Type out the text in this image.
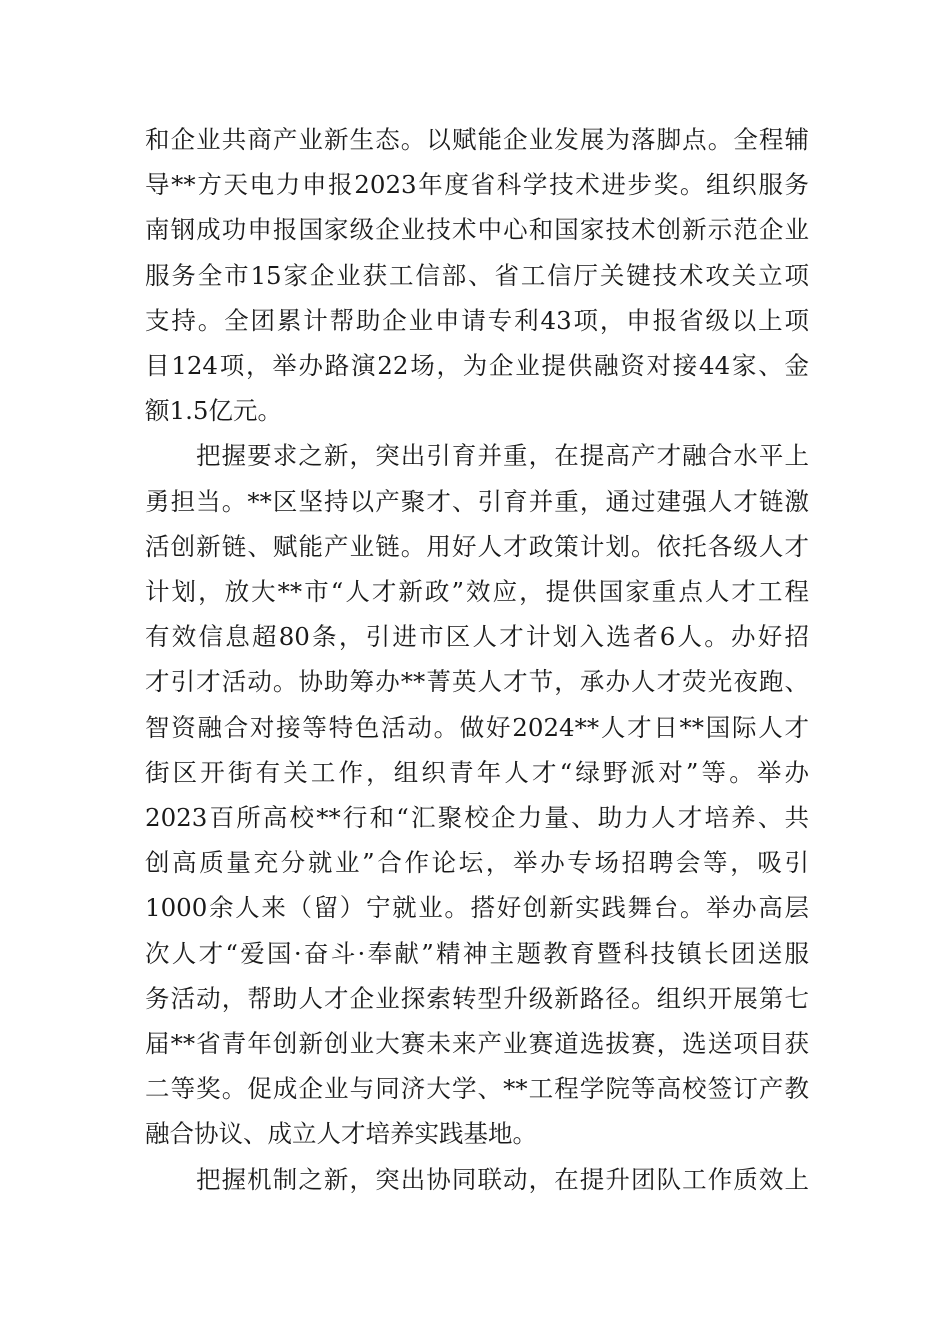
和企业共商产业新生态。以赋能企业发展为落脚点。全程辅
导**方天电力申报2023年度省科学技术进步奖。组织服务
南钢成功申报国家级企业技术中心和国家技术创新示范企业
服务全市15家企业获工信部、省工信厅关键技术攻关立项
支持。全团累计帮助企业申请专利43项，申报省级以上项
目124项，举办路演22场，为企业提供融资对接44家、金
额1.5亿元。
把握要求之新，突出引育并重，在提高产才融合水平上
勇担当。**区坚持以产聚才、引育并重，通过建强人才链激
活创新链、赋能产业链。用好人才政策计划。依托各级人才
计划，放大**市“人才新政”效应，提供国家重点人才工程
有效信息超80条，引进市区人才计划入选者6人。办好招
才引才活动。协助筹办**菁英人才节，承办人才荧光夜跑、
智资融合对接等特色活动。做好2024**人才日**国际人才
街区开街有关工作，组织青年人才“绿野派对”等。举办
2023百所高校**行和“汇聚校企力量、助力人才培养、共
创高质量充分就业”合作论坛，举办专场招聘会等，吸引
1000余人来（留）宁就业。搭好创新实践舞台。举办高层
次人才“爱国·奋斗·奉献”精神主题教育暨科技镇长团送服
务活动，帮助人才企业探索转型升级新路径。组织开展第七
届**省青年创新创业大赛未来产业赛道选拔赛，选送项目获
二等奖。促成企业与同济大学、**工程学院等高校签订产教
融合协议、成立人才培养实践基地。
把握机制之新，突出协同联动，在提升团队工作质效上
